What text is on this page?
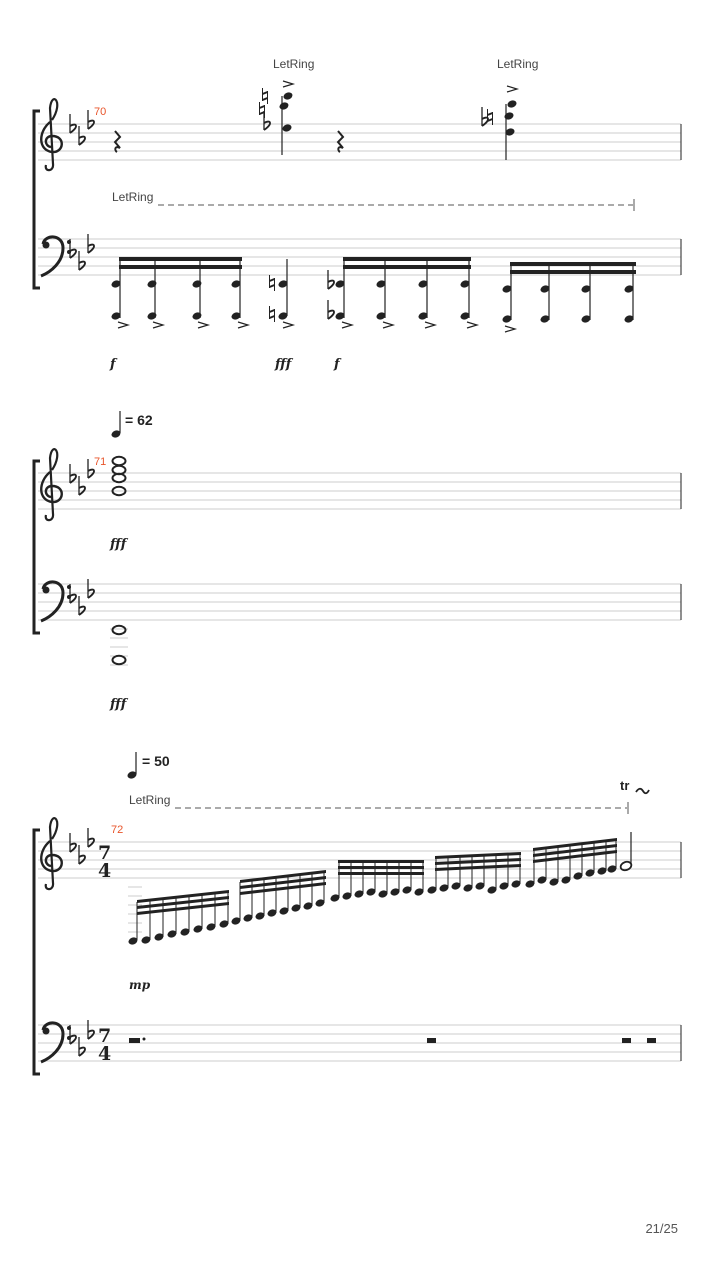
70
LetRing	LetRing
LetRing
f	fff	f
= 62
71
fff
fff
= 50
LetRing
tr
7
4
72
mp
7
4
21/25
